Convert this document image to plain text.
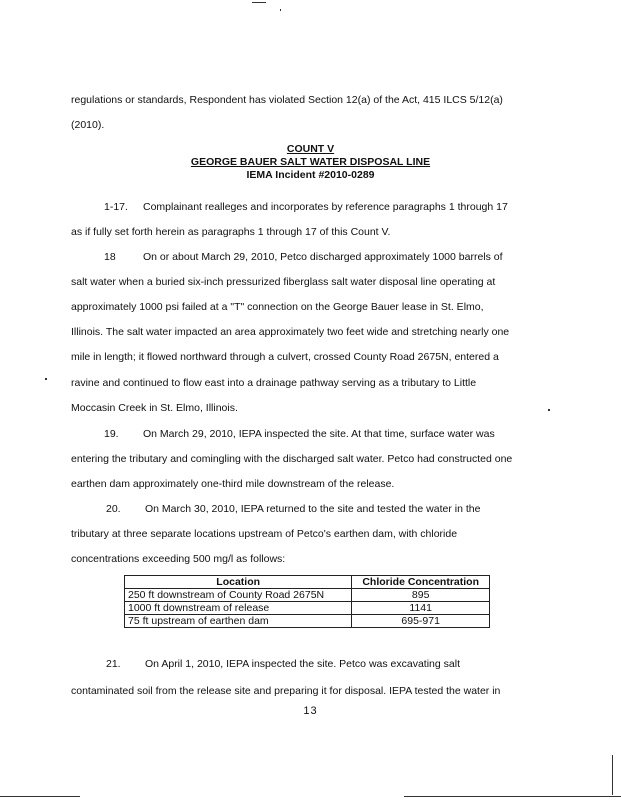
regulations or standards, Respondent has violated Section 12(a) of the Act, 415 ILCS 5/12(a)
(2010).
COUNT V
GEORGE BAUER SALT WATER DISPOSAL LINE
IEMA Incident #2010-0289
1-17. Complainant realleges and incorporates by reference paragraphs 1 through 17
as if fully set forth herein as paragraphs 1 through 17 of this Count V.
18	On or about March 29, 2010, Petco discharged approximately 1000 barrels of
salt water when a buried six-inch pressurized fiberglass salt water disposal line operating at
approximately 1000 psi failed at a "T" connection on the George Bauer lease in St. Elmo,
Illinois. The salt water impacted an area approximately two feet wide and stretching nearly one
mile in length; it flowed northward through a culvert, crossed County Road 2675N, entered a
ravine and continued to flow east into a drainage pathway serving as a tributary to Little
Moccasin Creek in St. Elmo, Illinois.
19. On March 29, 2010, IEPA inspected the site. At that time, surface water was
entering the tributary and comingling with the discharged salt water. Petco had constructed one
earthen dam approximately one-third mile downstream of the release.
20. On March 30, 2010, IEPA returned to the site and tested the water in the
tributary at three separate locations upstream of Petco's earthen dam, with chloride
concentrations exceeding 500 mg/l as follows:
Location	Chloride Concentration
250 ft downstream of County Road 2675N	895
1000 ft downstream of release	1141
75 ft upstream of earthen dam	695-971
21. On April 1, 2010, IEPA inspected the site. Petco was excavating salt
contaminated soil from the release site and preparing it for disposal. IEPA tested the water in
13
